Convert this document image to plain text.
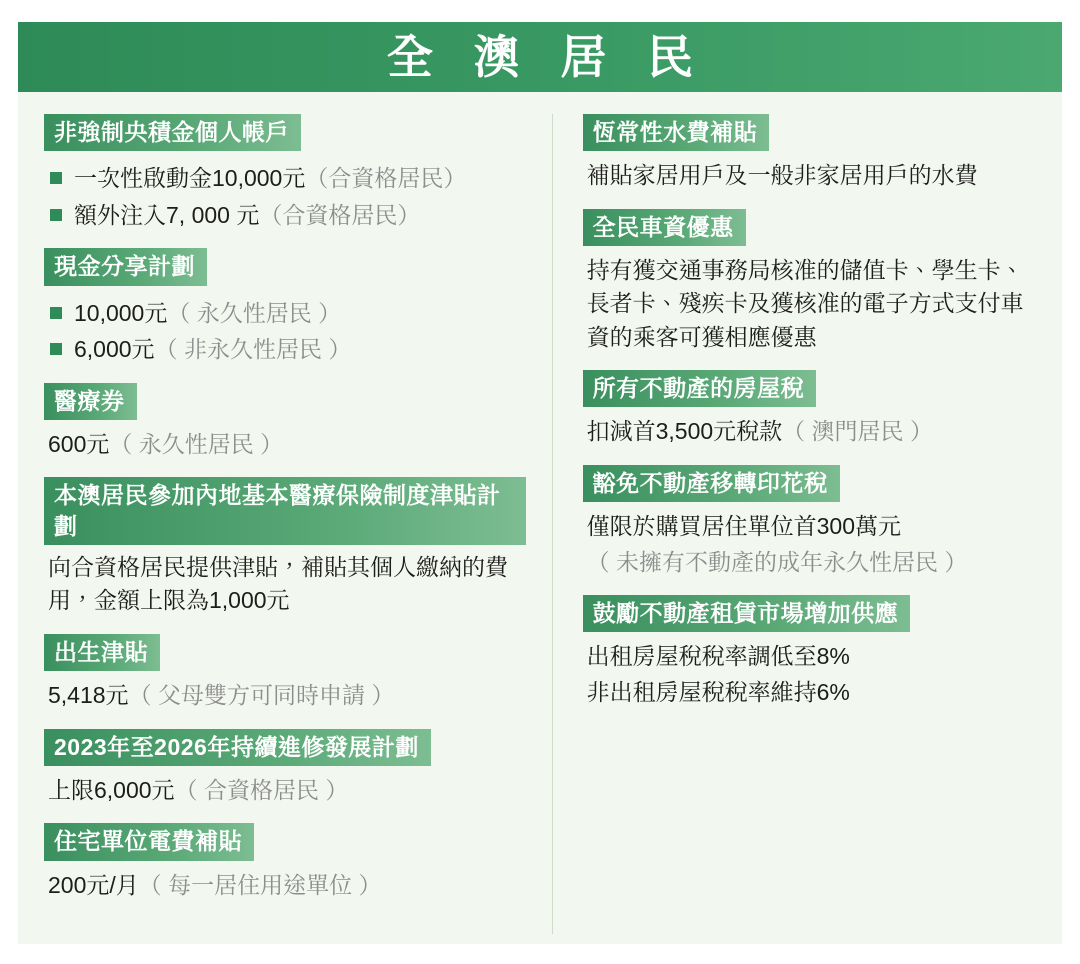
全 澳 居 民
非強制央積金個人帳戶
一次性啟動金10,000元（合資格居民）
額外注入7, 000 元（合資格居民）
現金分享計劃
10,000元（ 永久性居民 ）
6,000元（ 非永久性居民 ）
醫療券
600元（ 永久性居民 ）
本澳居民參加內地基本醫療保險制度津貼計劃
向合資格居民提供津貼，補貼其個人繳納的費用，金額上限為1,000元
出生津貼
5,418元（ 父母雙方可同時申請 ）
2023年至2026年持續進修發展計劃
上限6,000元（ 合資格居民 ）
住宅單位電費補貼
200元/月（ 每一居住用途單位 ）
恆常性水費補貼
補貼家居用戶及一般非家居用戶的水費
全民車資優惠
持有獲交通事務局核准的儲值卡、學生卡、長者卡、殘疾卡及獲核准的電子方式支付車資的乘客可獲相應優惠
所有不動產的房屋稅
扣減首3,500元稅款（ 澳門居民 ）
豁免不動產移轉印花稅
僅限於購買居住單位首300萬元
（ 未擁有不動產的成年永久性居民 ）
鼓勵不動產租賃市場增加供應
出租房屋稅稅率調低至8%
非出租房屋稅稅率維持6%
